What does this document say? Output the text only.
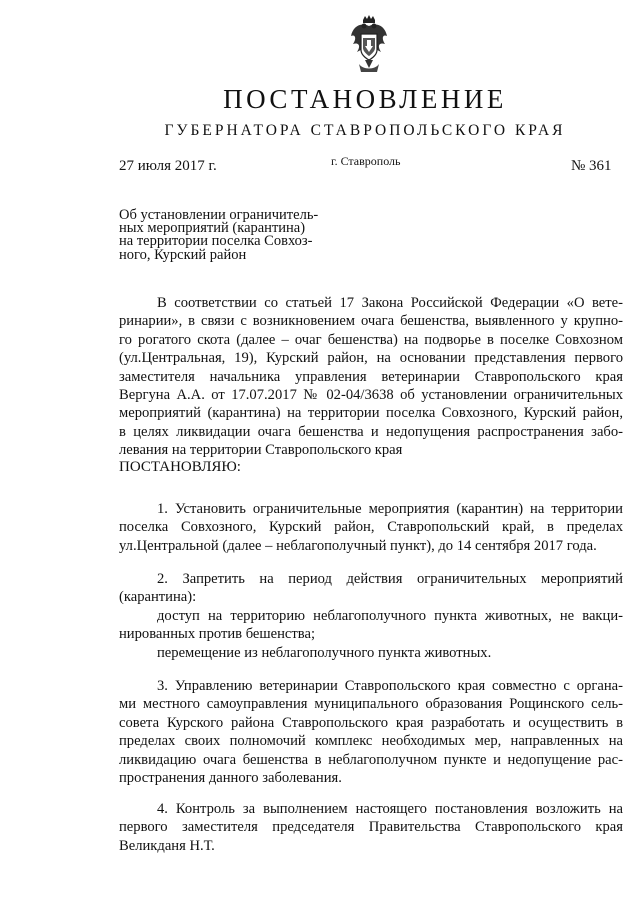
ПОСТАНОВЛЕНИЕ
ГУБЕРНАТОРА СТАВРОПОЛЬСКОГО КРАЯ
27 июля 2017 г.	г. Ставрополь	№ 361
Об установлении ограничитель-
ных мероприятий (карантина)
на территории поселка Совхоз-
ного, Курский район
В соответствии со статьей 17 Закона Российской Федерации «О вете-
ринарии», в связи с возникновением очага бешенства, выявленного у крупно-
го рогатого скота (далее – очаг бешенства) на подворье в поселке Совхозном
(ул.Центральная, 19), Курский район, на основании представления первого
заместителя начальника управления ветеринарии Ставропольского края
Вергуна А.А. от 17.07.2017 № 02-04/3638 об установлении ограничительных
мероприятий (карантина) на территории поселка Совхозного, Курский район,
в целях ликвидации очага бешенства и недопущения распространения забо-
левания на территории Ставропольского края
ПОСТАНОВЛЯЮ:
1. Установить ограничительные мероприятия (карантин) на территории
поселка Совхозного, Курский район, Ставропольский край, в пределах
ул.Центральной (далее – неблагополучный пункт), до 14 сентября 2017 года.
2. Запретить на период действия ограничительных мероприятий
(карантина):
доступ на территорию неблагополучного пункта животных, не вакци-
нированных против бешенства;
перемещение из неблагополучного пункта животных.
3. Управлению ветеринарии Ставропольского края совместно с органа-
ми местного самоуправления муниципального образования Рощинского сель-
совета Курского района Ставропольского края разработать и осуществить в
пределах своих полномочий комплекс необходимых мер, направленных на
ликвидацию очага бешенства в неблагополучном пункте и недопущение рас-
пространения данного заболевания.
4. Контроль за выполнением настоящего постановления возложить на
первого заместителя председателя Правительства Ставропольского края
Великданя Н.Т.
